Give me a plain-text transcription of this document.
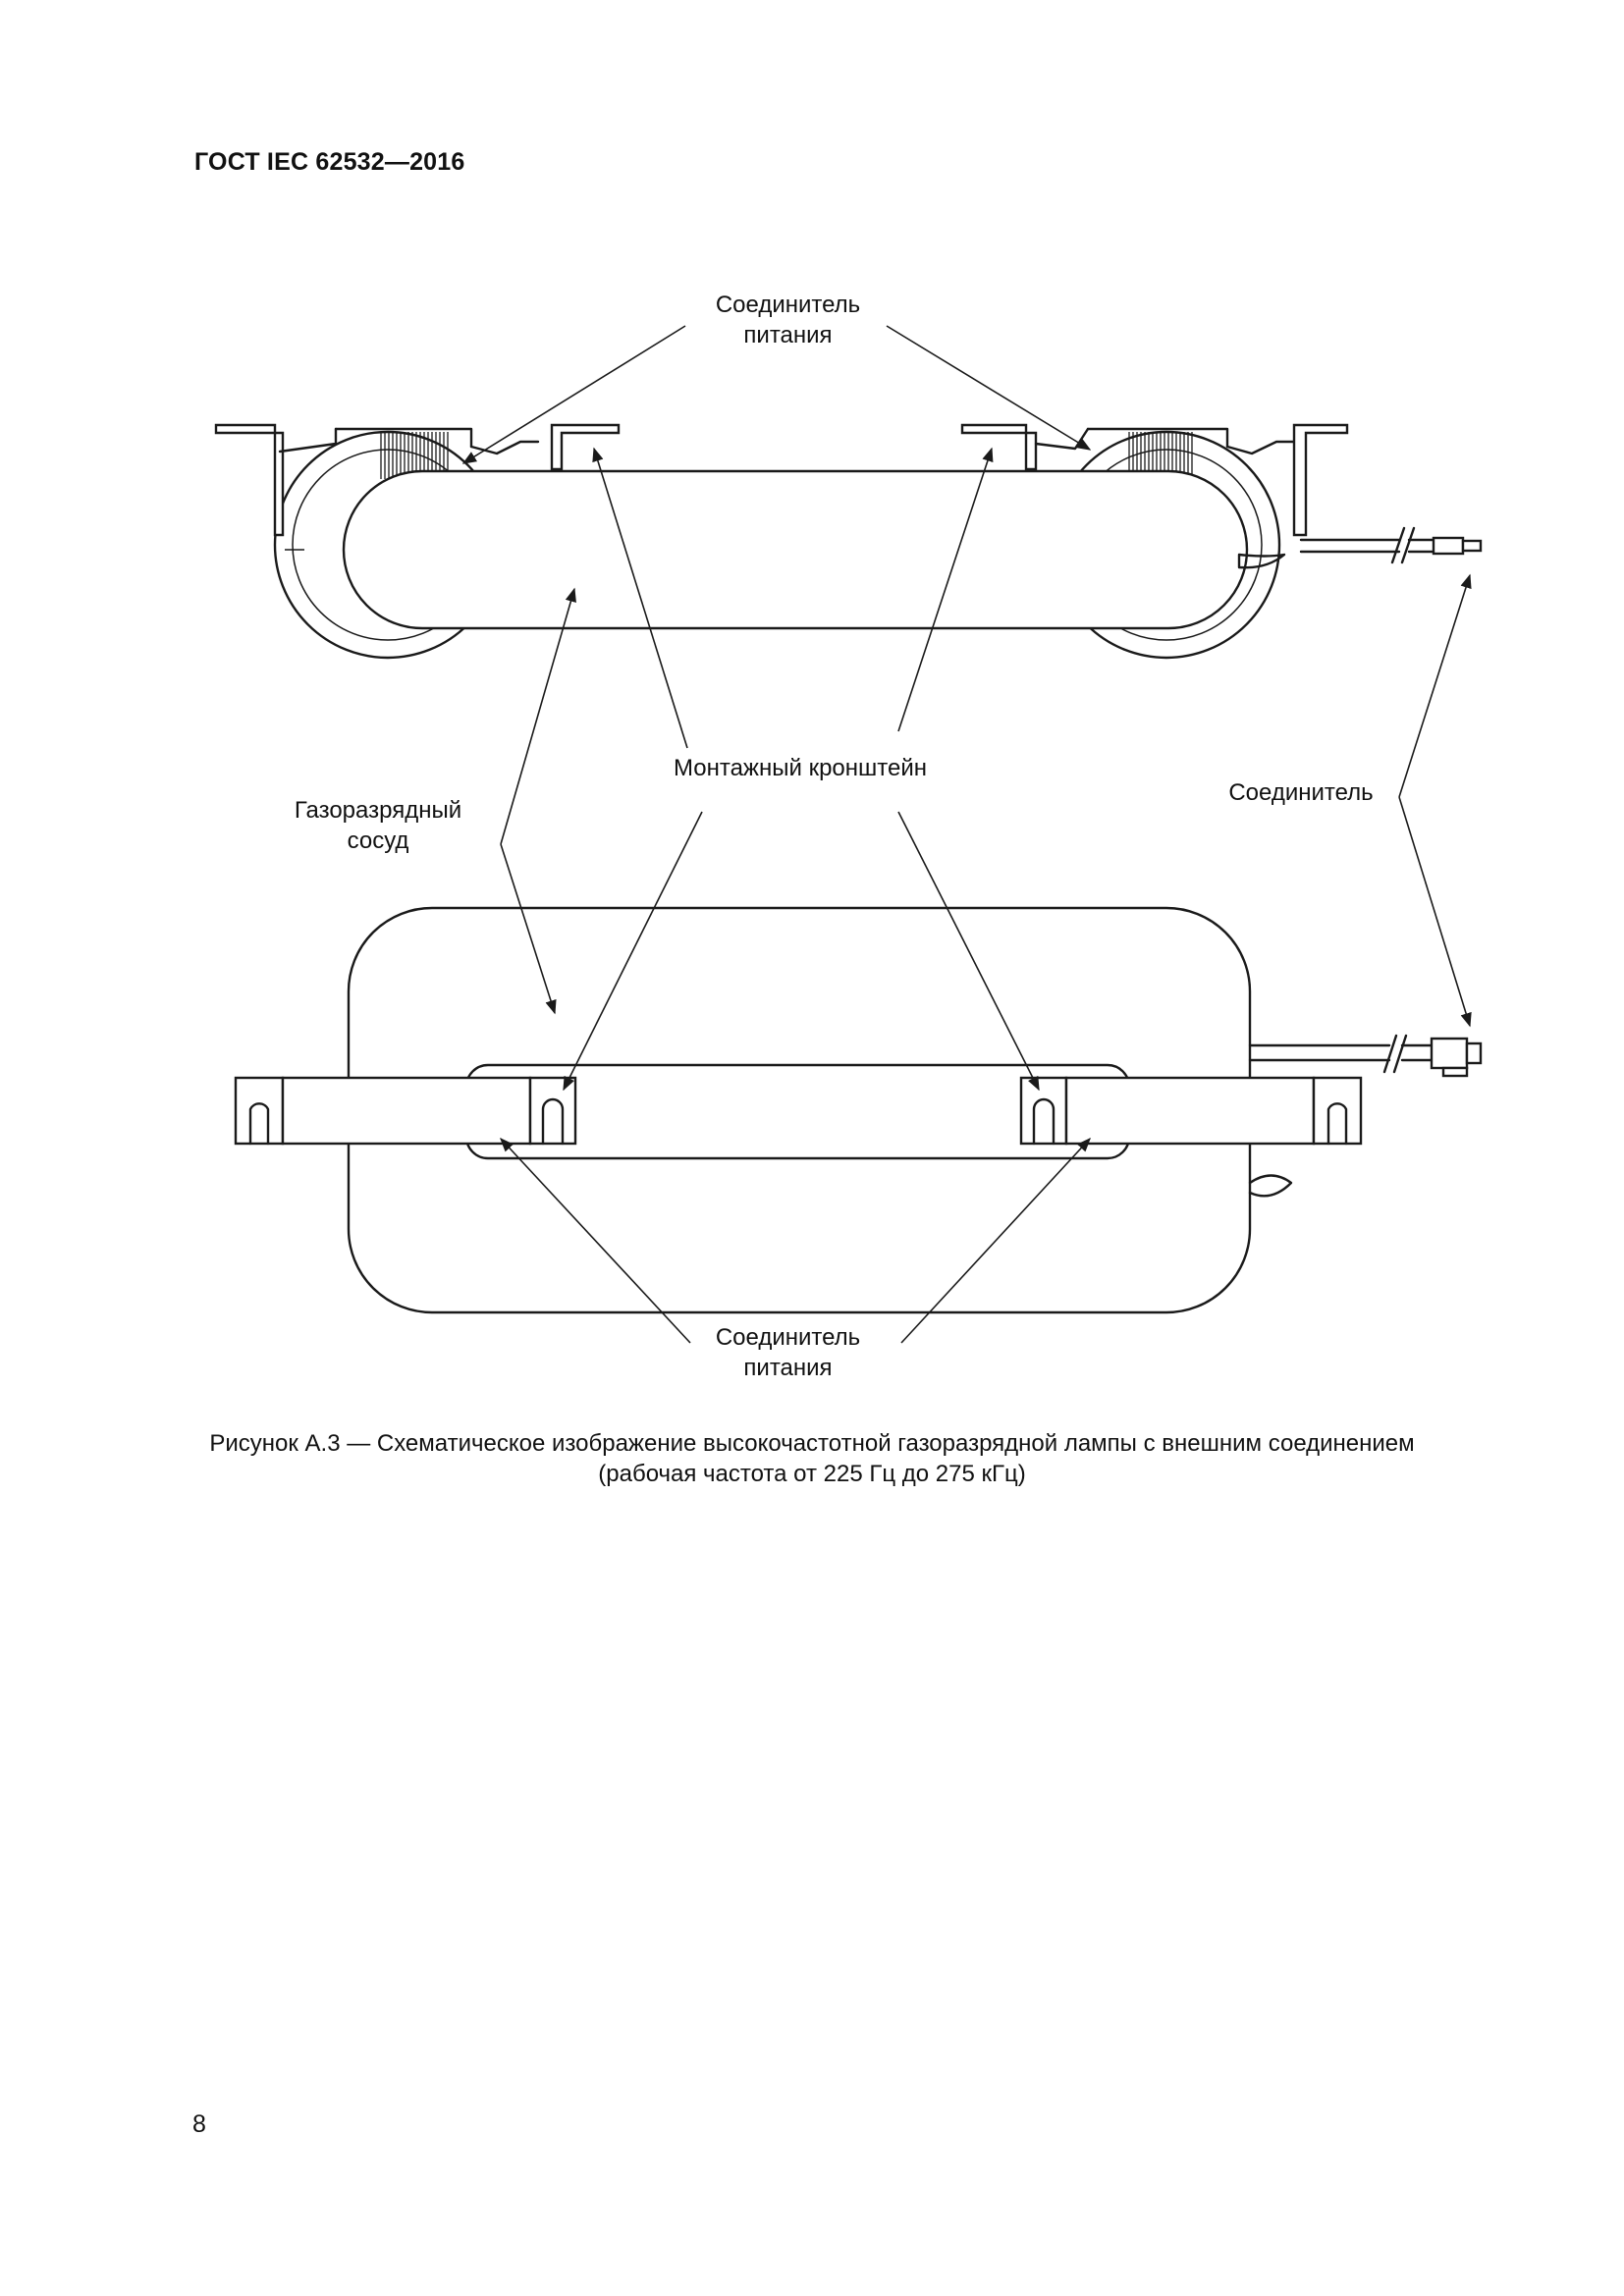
ГОСТ IEC 62532—2016
Соединитель
питания
Монтажный кронштейн
Газоразрядный
сосуд
Соединитель
Соединитель
питания
Рисунок А.3 — Схематическое изображение высокочастотной газоразрядной лампы с внешним соединением
(рабочая частота от 225 Гц до 275 кГц)
8
